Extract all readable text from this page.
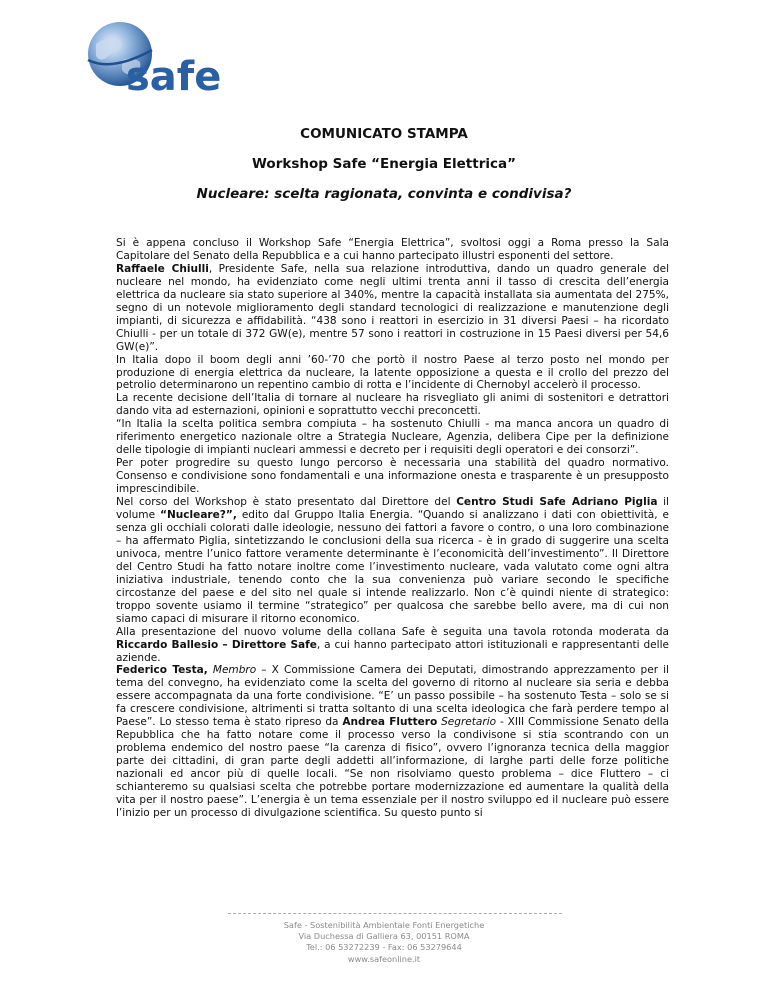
safe
COMUNICATO STAMPA
Workshop Safe “Energia Elettrica”
Nucleare: scelta ragionata, convinta e condivisa?

Si è appena concluso il Workshop Safe “Energia Elettrica”, svoltosi oggi a Roma presso la Sala Capitolare del Senato della Repubblica e a cui hanno partecipato illustri esponenti del settore.

Raffaele Chiulli, Presidente Safe, nella sua relazione introduttiva, dando un quadro generale del nucleare nel mondo, ha evidenziato come negli ultimi trenta anni il tasso di crescita dell’energia elettrica da nucleare sia stato superiore al 340%, mentre la capacità installata sia aumentata del 275%, segno di un notevole miglioramento degli standard tecnologici di realizzazione e manutenzione degli impianti, di sicurezza e affidabilità. “438 sono i reattori in esercizio in 31 diversi Paesi – ha ricordato Chiulli - per un totale di 372 GW(e), mentre 57 sono i reattori in costruzione in 15 Paesi diversi per 54,6 GW(e)”.

In Italia dopo il boom degli anni ’60-’70 che portò il nostro Paese al terzo posto nel mondo per produzione di energia elettrica da nucleare, la latente opposizione a questa e il crollo del prezzo del petrolio determinarono un repentino cambio di rotta e l’incidente di Chernobyl accelerò il processo.

La recente decisione dell’Italia di tornare al nucleare ha risvegliato gli animi di sostenitori e detrattori dando vita ad esternazioni, opinioni e soprattutto vecchi preconcetti.

“In Italia la scelta politica sembra compiuta – ha sostenuto Chiulli - ma manca ancora un quadro di riferimento energetico nazionale oltre a Strategia Nucleare, Agenzia, delibera Cipe per la definizione delle tipologie di impianti nucleari ammessi e decreto per i requisiti degli operatori e dei consorzi”.

Per poter progredire su questo lungo percorso è necessaria una stabilità del quadro normativo. Consenso e condivisione sono fondamentali e una informazione onesta e trasparente è un presupposto imprescindibile.

Nel corso del Workshop è stato presentato dal Direttore del Centro Studi Safe Adriano Piglia il volume “Nucleare?”, edito dal Gruppo Italia Energia. “Quando si analizzano i dati con obiettività, e senza gli occhiali colorati dalle ideologie, nessuno dei fattori a favore o contro, o una loro combinazione – ha affermato Piglia, sintetizzando le conclusioni della sua ricerca - è in grado di suggerire una scelta univoca, mentre l’unico fattore veramente determinante è l’economicità dell’investimento”. Il Direttore del Centro Studi ha fatto notare inoltre come l’investimento nucleare, vada valutato come ogni altra iniziativa industriale, tenendo conto che la sua convenienza può variare secondo le specifiche circostanze del paese e del sito nel quale si intende realizzarlo. Non c’è quindi niente di strategico: troppo sovente usiamo il termine “strategico” per qualcosa che sarebbe bello avere, ma di cui non siamo capaci di misurare il ritorno economico.

Alla presentazione del nuovo volume della collana Safe è seguita una tavola rotonda moderata da Riccardo Ballesio – Direttore Safe, a cui hanno partecipato attori istituzionali e rappresentanti delle aziende.

Federico Testa, Membro – X Commissione Camera dei Deputati, dimostrando apprezzamento per il tema del convegno, ha evidenziato come la scelta del governo di ritorno al nucleare sia seria e debba essere accompagnata da una forte condivisione. “E’ un passo possibile – ha sostenuto Testa – solo se si fa crescere condivisione, altrimenti si tratta soltanto di una scelta ideologica che farà perdere tempo al Paese”. Lo stesso tema è stato ripreso da Andrea Fluttero Segretario - XIII Commissione Senato della Repubblica che ha fatto notare come il processo verso la condivisone si stia scontrando con un problema endemico del nostro paese “la carenza di fisico”, ovvero l’ignoranza tecnica della maggior parte dei cittadini, di gran parte degli addetti all’informazione, di larghe parti delle forze politiche nazionali ed ancor più di quelle locali. “Se non risolviamo questo problema – dice Fluttero – ci schianteremo su qualsiasi scelta che potrebbe portare modernizzazione ed aumentare la qualità della vita per il nostro paese”. L’energia è un tema essenziale per il nostro sviluppo ed il nucleare può essere l’inizio per un processo di divulgazione scientifica. Su questo punto si

Safe - Sostenibilità Ambientale Fonti Energetiche
Via Duchessa di Galliera 63, 00151 ROMA
Tel.: 06 53272239 - Fax: 06 53279644
www.safeonline.it
